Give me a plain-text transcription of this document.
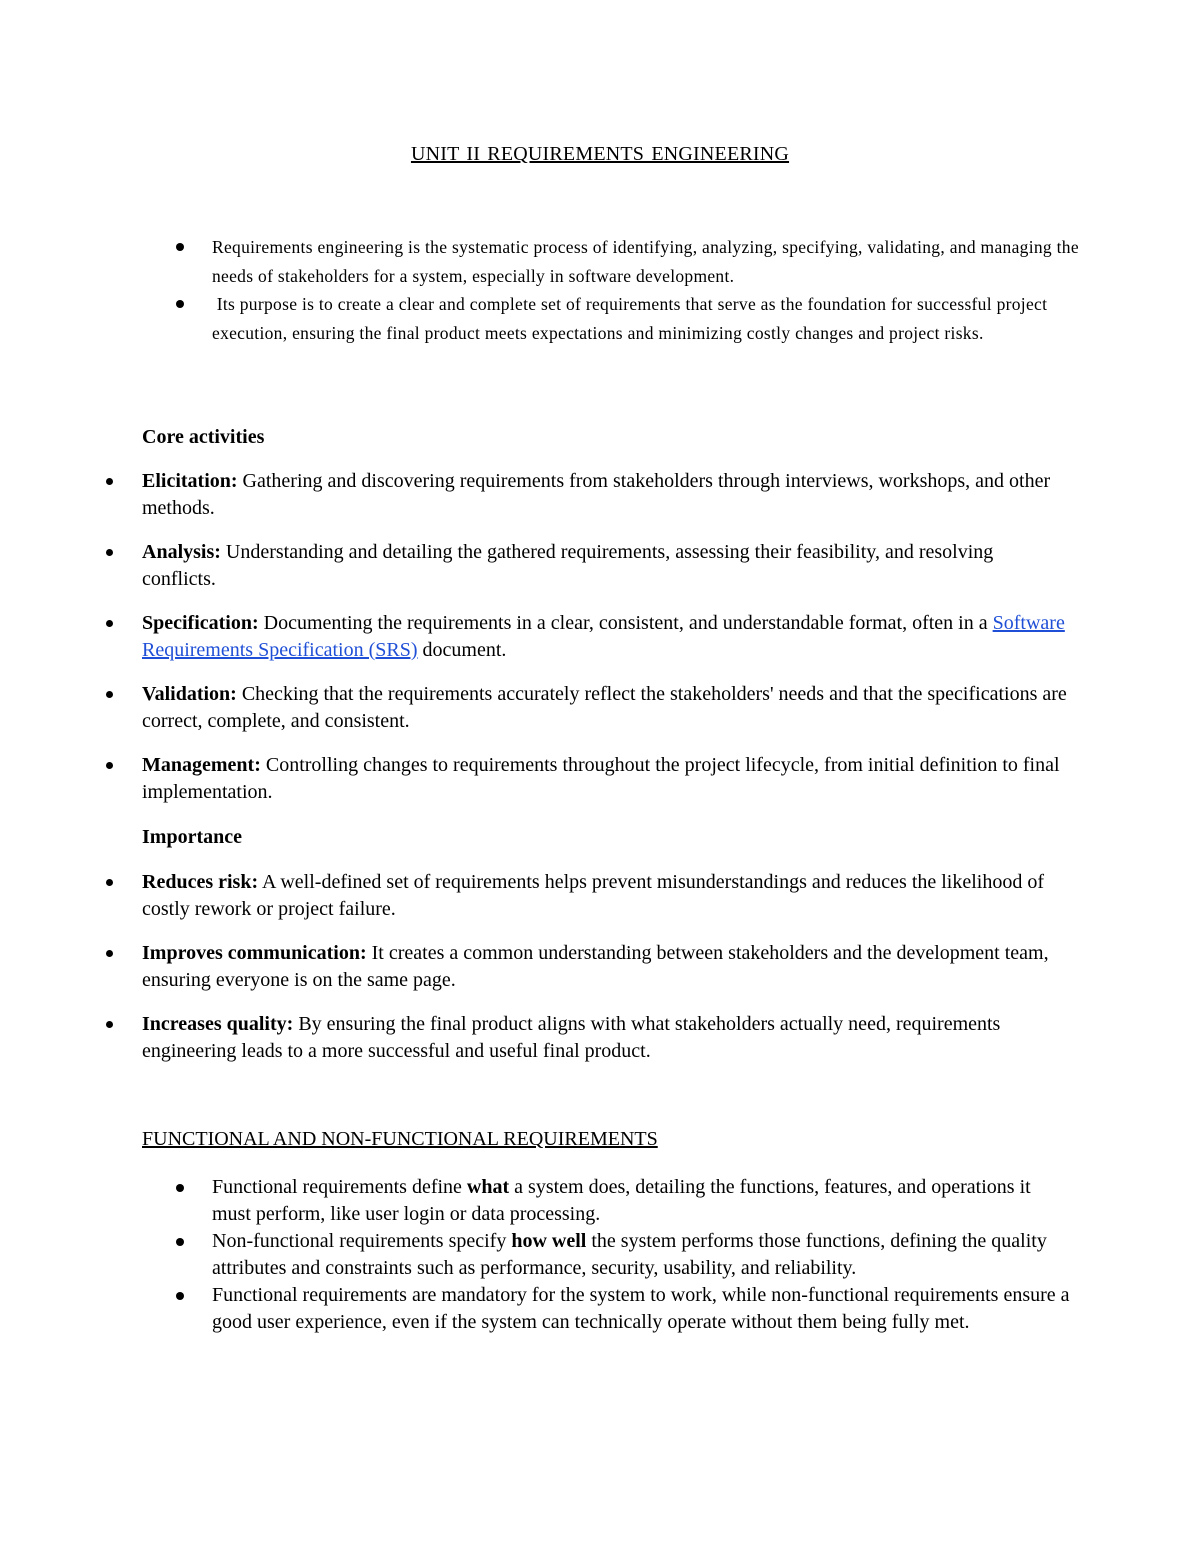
UNIT II REQUIREMENTS ENGINEERING
Requirements engineering is the systematic process of identifying, analyzing, specifying, validating, and managing the needs of stakeholders for a system, especially in software development.
Its purpose is to create a clear and complete set of requirements that serve as the foundation for successful project execution, ensuring the final product meets expectations and minimizing costly changes and project risks.
Core activities
Elicitation: Gathering and discovering requirements from stakeholders through interviews, workshops, and other methods.
Analysis: Understanding and detailing the gathered requirements, assessing their feasibility, and resolving conflicts.
Specification: Documenting the requirements in a clear, consistent, and understandable format, often in a Software Requirements Specification (SRS) document.
Validation: Checking that the requirements accurately reflect the stakeholders' needs and that the specifications are correct, complete, and consistent.
Management: Controlling changes to requirements throughout the project lifecycle, from initial definition to final implementation.
Importance
Reduces risk: A well-defined set of requirements helps prevent misunderstandings and reduces the likelihood of costly rework or project failure.
Improves communication: It creates a common understanding between stakeholders and the development team, ensuring everyone is on the same page.
Increases quality: By ensuring the final product aligns with what stakeholders actually need, requirements engineering leads to a more successful and useful final product.
FUNCTIONAL AND NON-FUNCTIONAL REQUIREMENTS
Functional requirements define what a system does, detailing the functions, features, and operations it must perform, like user login or data processing.
Non-functional requirements specify how well the system performs those functions, defining the quality attributes and constraints such as performance, security, usability, and reliability.
Functional requirements are mandatory for the system to work, while non-functional requirements ensure a good user experience, even if the system can technically operate without them being fully met.
